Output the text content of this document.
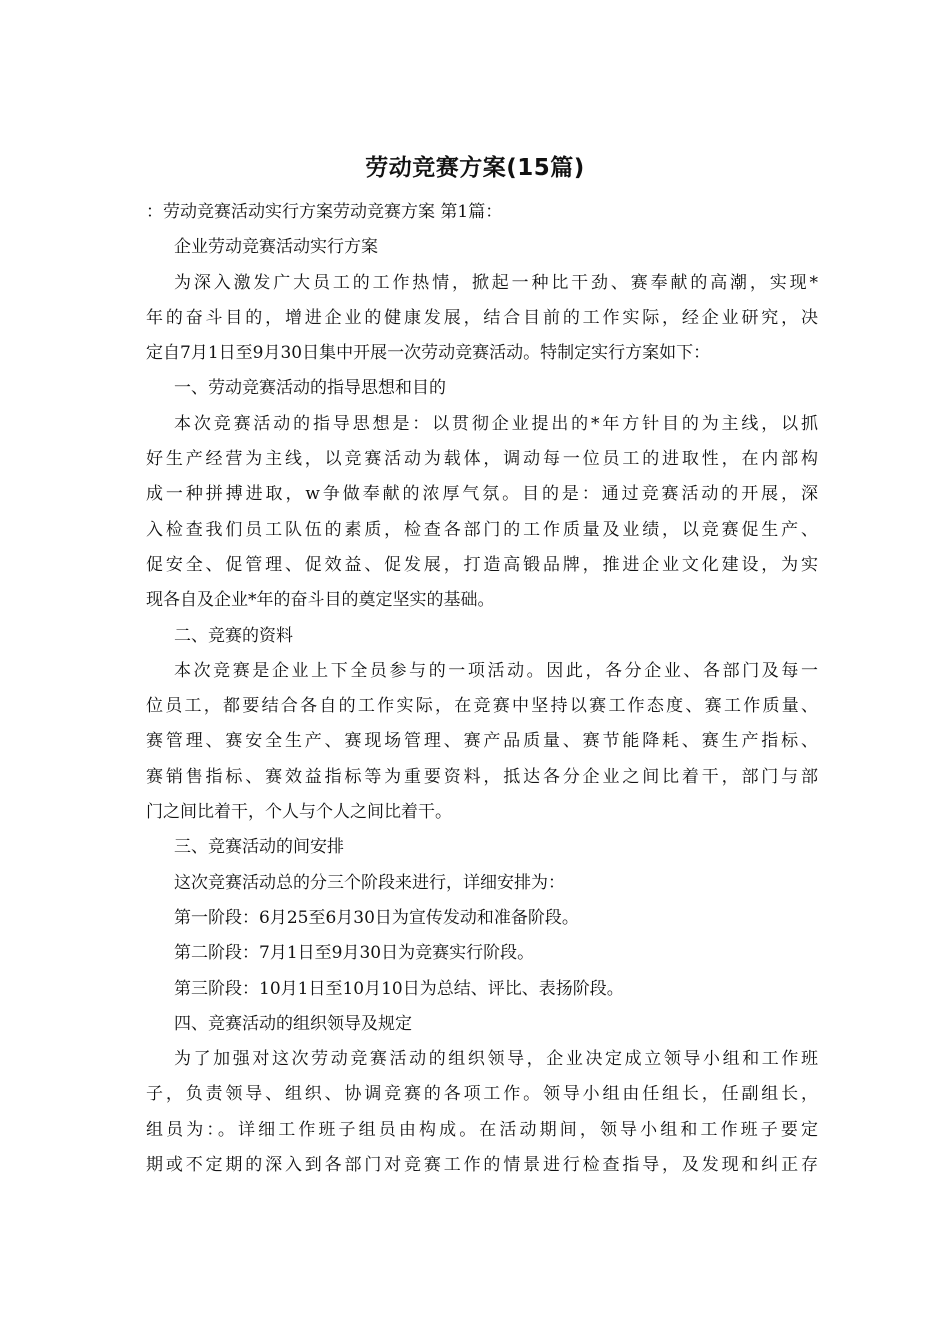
劳动竞赛方案(15篇)
：劳动竞赛活动实行方案劳动竞赛方案 第1篇：
企业劳动竞赛活动实行方案
为深入激发广大员工的工作热情，掀起一种比干劲、赛奉献的高潮，实现*
年的奋斗目的，增进企业的健康发展，结合目前的工作实际，经企业研究，决
定自7月1日至9月30日集中开展一次劳动竞赛活动。特制定实行方案如下：
一、劳动竞赛活动的指导思想和目的
本次竞赛活动的指导思想是：以贯彻企业提出的*年方针目的为主线，以抓
好生产经营为主线，以竞赛活动为载体，调动每一位员工的进取性，在内部构
成一种拼搏进取，w争做奉献的浓厚气氛。目的是：通过竞赛活动的开展，深
入检查我们员工队伍的素质，检查各部门的工作质量及业绩，以竞赛促生产、
促安全、促管理、促效益、促发展，打造高锻品牌，推进企业文化建设，为实
现各自及企业*年的奋斗目的奠定坚实的基础。
二、竞赛的资料
本次竞赛是企业上下全员参与的一项活动。因此，各分企业、各部门及每一
位员工，都要结合各自的工作实际，在竞赛中坚持以赛工作态度、赛工作质量、
赛管理、赛安全生产、赛现场管理、赛产品质量、赛节能降耗、赛生产指标、
赛销售指标、赛效益指标等为重要资料，抵达各分企业之间比着干，部门与部
门之间比着干，个人与个人之间比着干。
三、竞赛活动的间安排
这次竞赛活动总的分三个阶段来进行，详细安排为：
第一阶段：6月25至6月30日为宣传发动和准备阶段。
第二阶段：7月1日至9月30日为竞赛实行阶段。
第三阶段：10月1日至10月10日为总结、评比、表扬阶段。
四、竞赛活动的组织领导及规定
为了加强对这次劳动竞赛活动的组织领导，企业决定成立领导小组和工作班
子，负责领导、组织、协调竞赛的各项工作。领导小组由任组长，任副组长，
组员为：。详细工作班子组员由构成。在活动期间，领导小组和工作班子要定
期或不定期的深入到各部门对竞赛工作的情景进行检查指导，及发现和纠正存
